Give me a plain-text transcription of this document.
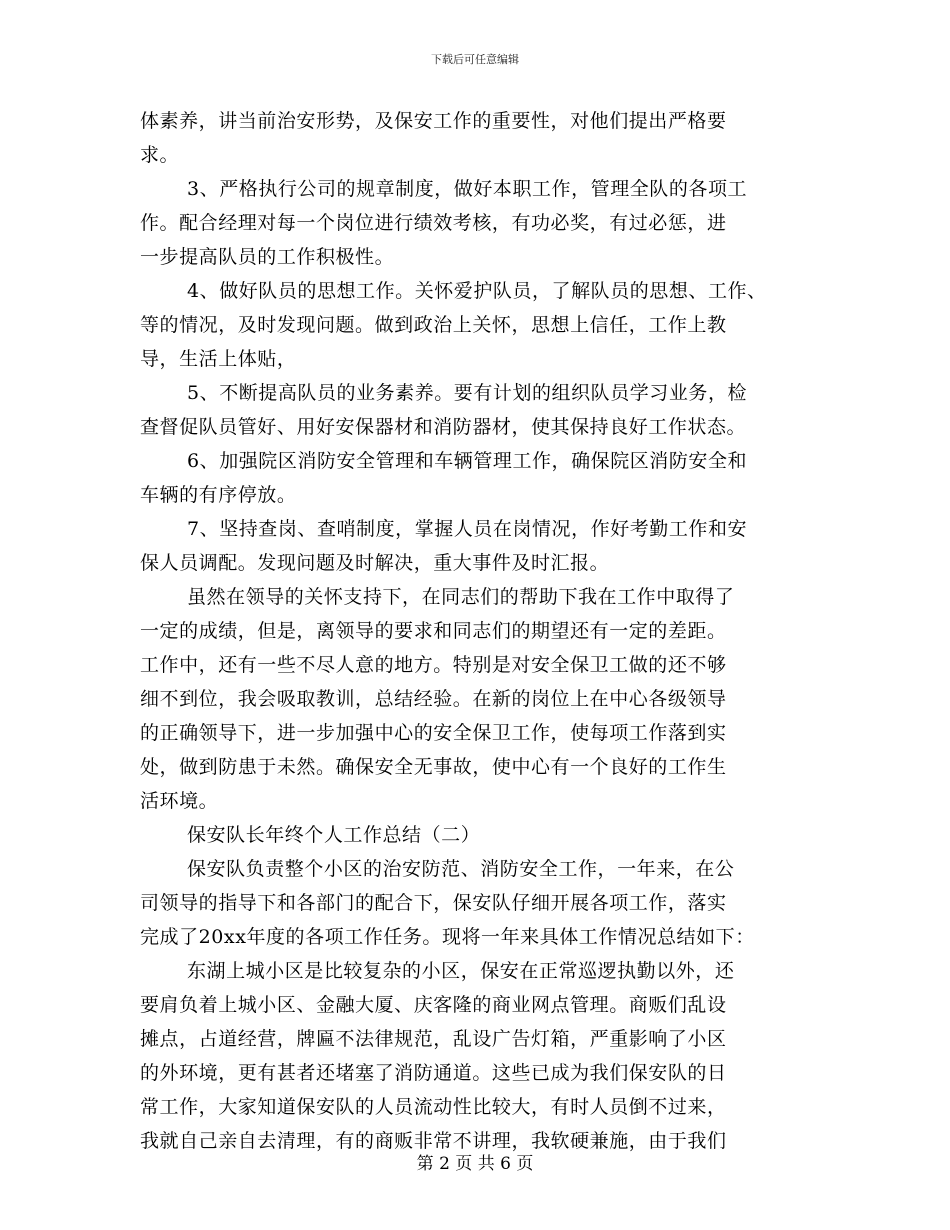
下载后可任意编辑
体素养，讲当前治安形势，及保安工作的重要性，对他们提出严格要
求。
3、严格执行公司的规章制度，做好本职工作，管理全队的各项工
作。配合经理对每一个岗位进行绩效考核，有功必奖，有过必惩，进
一步提高队员的工作积极性。
4、做好队员的思想工作。关怀爱护队员，了解队员的思想、工作、
等的情况，及时发现问题。做到政治上关怀，思想上信任，工作上教
导，生活上体贴，
5、不断提高队员的业务素养。要有计划的组织队员学习业务，检
查督促队员管好、用好安保器材和消防器材，使其保持良好工作状态。
6、加强院区消防安全管理和车辆管理工作，确保院区消防安全和
车辆的有序停放。
7、坚持查岗、查哨制度，掌握人员在岗情况，作好考勤工作和安
保人员调配。发现问题及时解决，重大事件及时汇报。
虽然在领导的关怀支持下，在同志们的帮助下我在工作中取得了
一定的成绩，但是，离领导的要求和同志们的期望还有一定的差距。
工作中，还有一些不尽人意的地方。特别是对安全保卫工做的还不够
细不到位，我会吸取教训，总结经验。在新的岗位上在中心各级领导
的正确领导下，进一步加强中心的安全保卫工作，使每项工作落到实
处，做到防患于未然。确保安全无事故，使中心有一个良好的工作生
活环境。
保安队长年终个人工作总结（二）
保安队负责整个小区的治安防范、消防安全工作，一年来，在公
司领导的指导下和各部门的配合下，保安队仔细开展各项工作，落实
完成了20xx年度的各项工作任务。现将一年来具体工作情况总结如下：
东湖上城小区是比较复杂的小区，保安在正常巡逻执勤以外，还
要肩负着上城小区、金融大厦、庆客隆的商业网点管理。商贩们乱设
摊点，占道经营，牌匾不法律规范，乱设广告灯箱，严重影响了小区
的外环境，更有甚者还堵塞了消防通道。这些已成为我们保安队的日
常工作，大家知道保安队的人员流动性比较大，有时人员倒不过来，
我就自己亲自去清理，有的商贩非常不讲理，我软硬兼施，由于我们
第 2 页 共 6 页
